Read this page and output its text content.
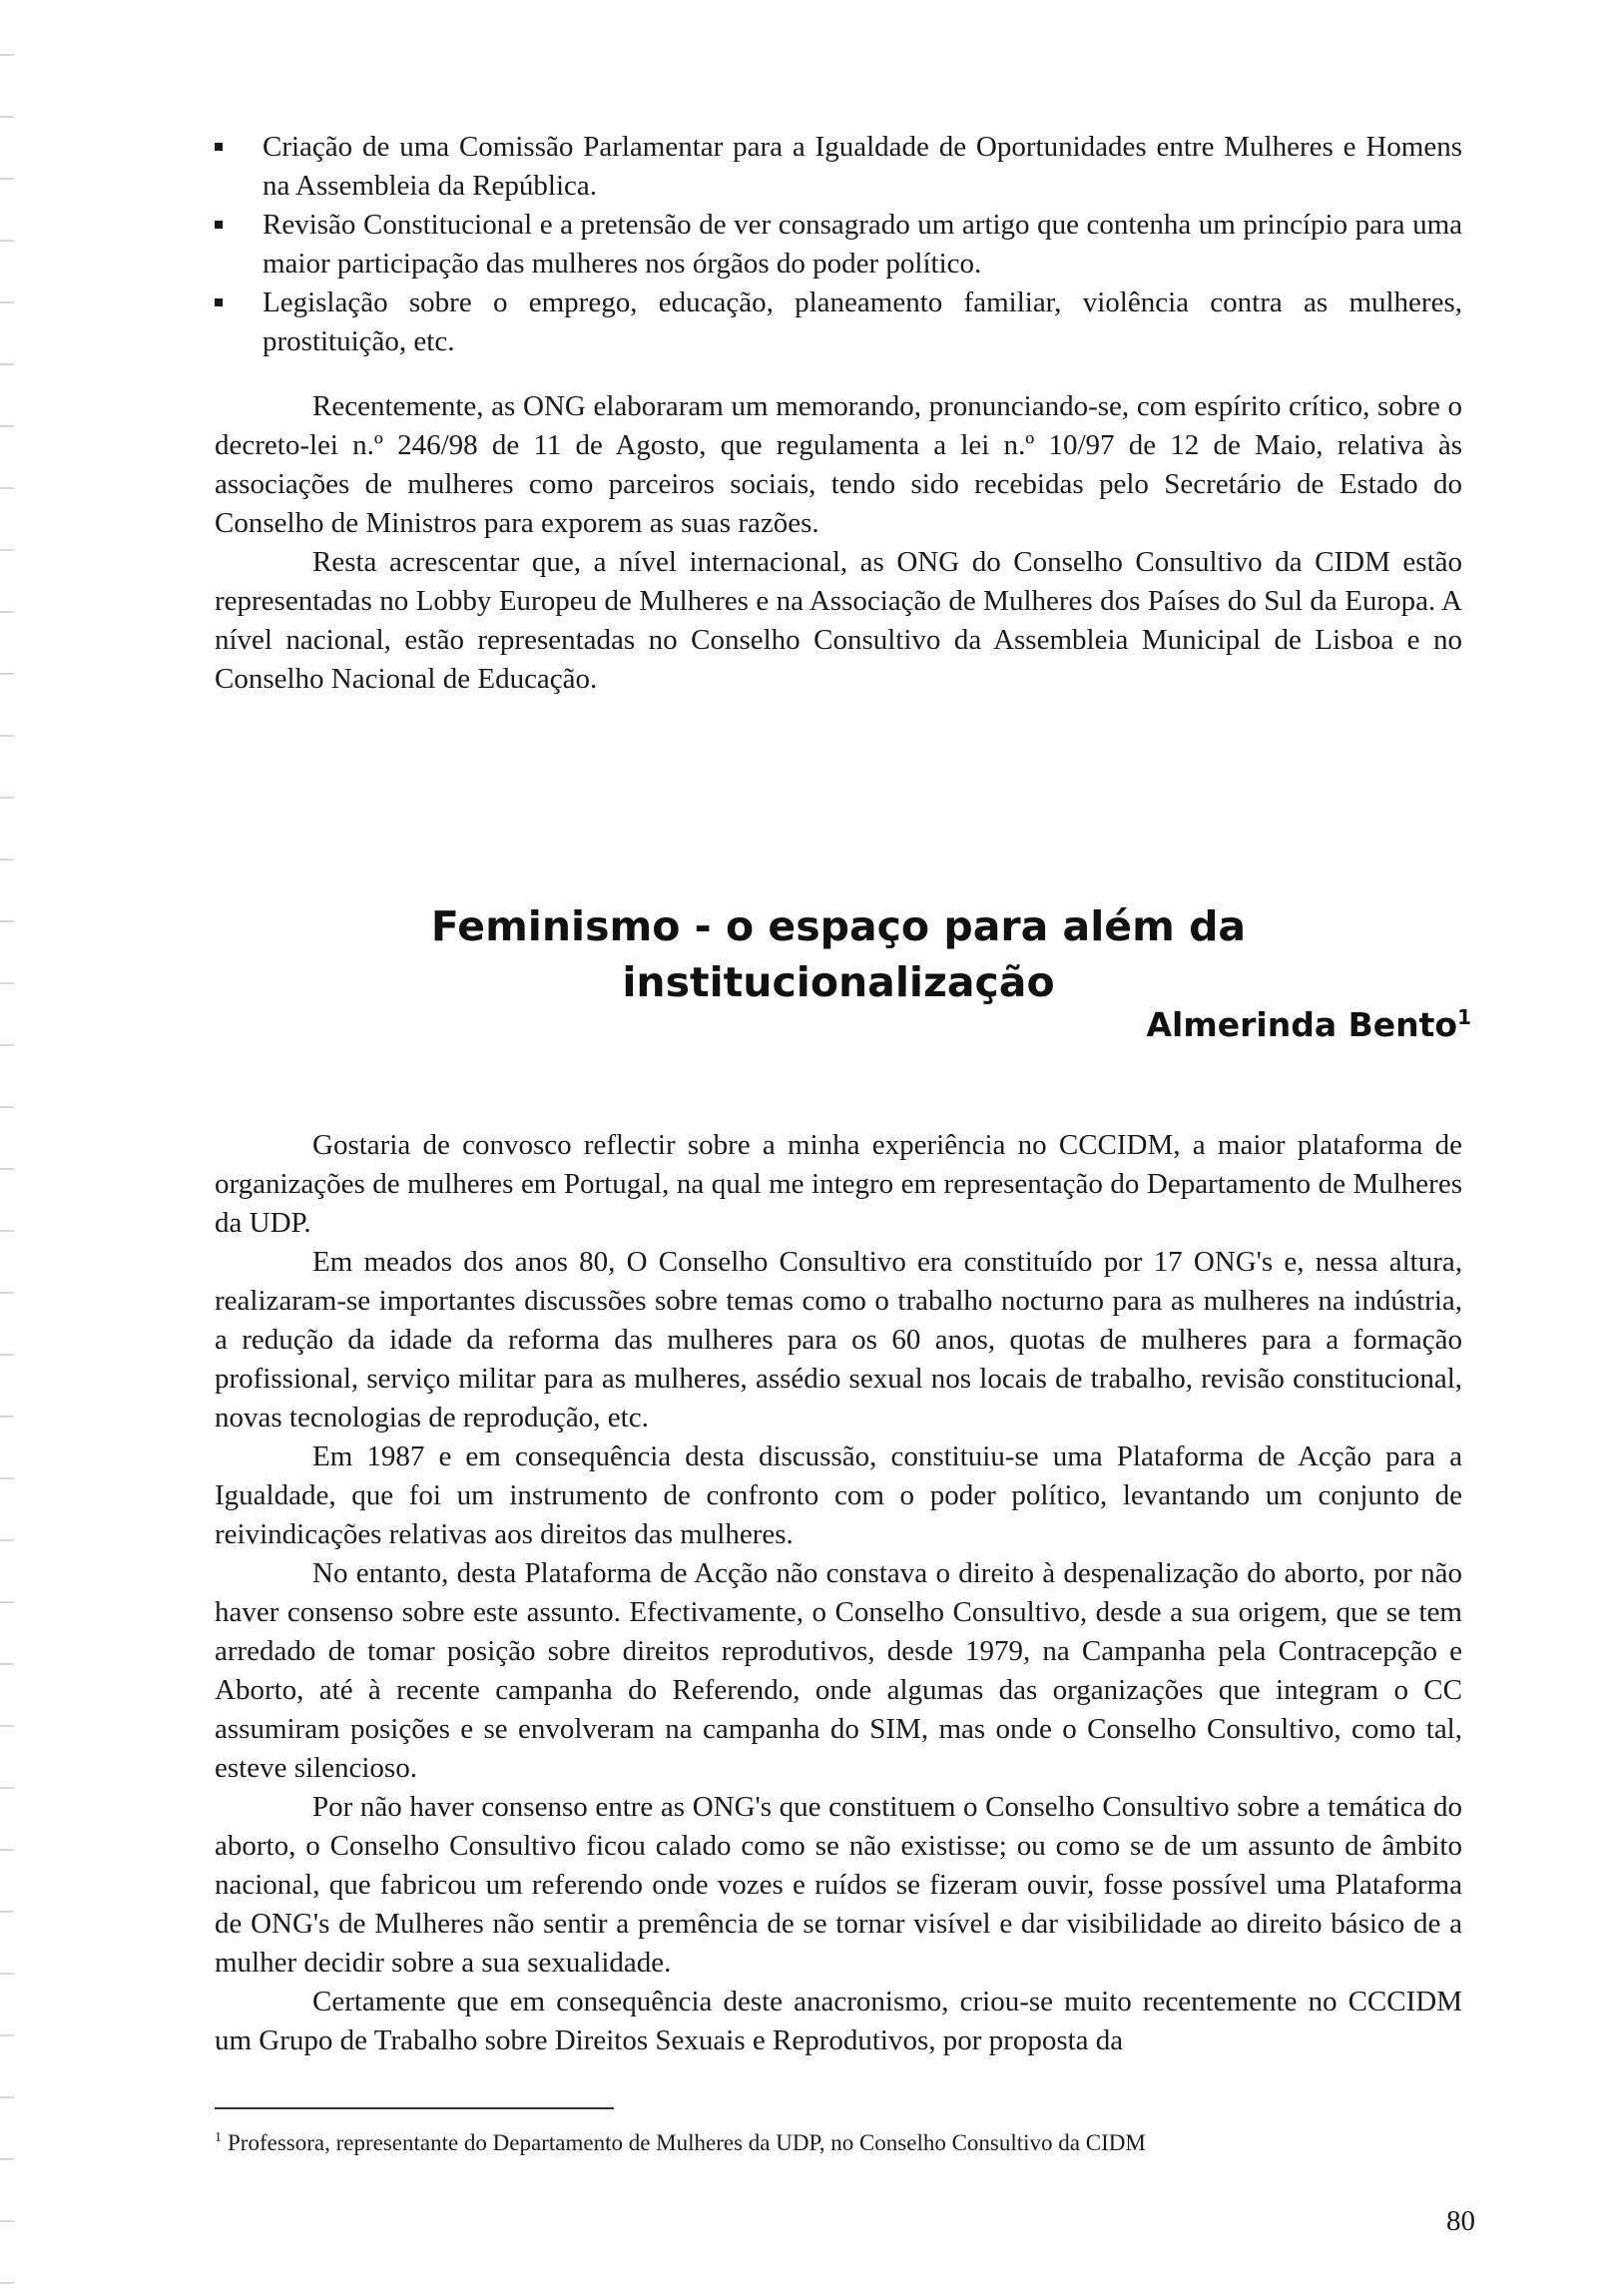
Criação de uma Comissão Parlamentar para a Igualdade de Oportunidades entre Mulheres e Homens na Assembleia da República.
Revisão Constitucional e a pretensão de ver consagrado um artigo que contenha um princípio para uma maior participação das mulheres nos órgãos do poder político.
Legislação sobre o emprego, educação, planeamento familiar, violência contra as mulheres, prostituição, etc.

Recentemente, as ONG elaboraram um memorando, pronunciando-se, com espírito crítico, sobre o decreto-lei n.º 246/98 de 11 de Agosto, que regulamenta a lei n.º 10/97 de 12 de Maio, relativa às associações de mulheres como parceiros sociais, tendo sido recebidas pelo Secretário de Estado do Conselho de Ministros para exporem as suas razões.

Resta acrescentar que, a nível internacional, as ONG do Conselho Consultivo da CIDM estão representadas no Lobby Europeu de Mulheres e na Associação de Mulheres dos Países do Sul da Europa. A nível nacional, estão representadas no Conselho Consultivo da Assembleia Municipal de Lisboa e no Conselho Nacional de Educação.

Feminismo - o espaço para além da institucionalização
Almerinda Bento$^1$

Gostaria de convosco reflectir sobre a minha experiência no CCCIDM, a maior plataforma de organizações de mulheres em Portugal, na qual me integro em representação do Departamento de Mulheres da UDP.

Em meados dos anos 80, O Conselho Consultivo era constituído por 17 ONG's e, nessa altura, realizaram-se importantes discussões sobre temas como o trabalho nocturno para as mulheres na indústria, a redução da idade da reforma das mulheres para os 60 anos, quotas de mulheres para a formação profissional, serviço militar para as mulheres, assédio sexual nos locais de trabalho, revisão constitucional, novas tecnologias de reprodução, etc.

Em 1987 e em consequência desta discussão, constituiu-se uma Plataforma de Acção para a Igualdade, que foi um instrumento de confronto com o poder político, levantando um conjunto de reivindicações relativas aos direitos das mulheres.

No entanto, desta Plataforma de Acção não constava o direito à despenalização do aborto, por não haver consenso sobre este assunto. Efectivamente, o Conselho Consultivo, desde a sua origem, que se tem arredado de tomar posição sobre direitos reprodutivos, desde 1979, na Campanha pela Contracepção e Aborto, até à recente campanha do Referendo, onde algumas das organizações que integram o CC assumiram posições e se envolveram na campanha do SIM, mas onde o Conselho Consultivo, como tal, esteve silencioso.

Por não haver consenso entre as ONG's que constituem o Conselho Consultivo sobre a temática do aborto, o Conselho Consultivo ficou calado como se não existisse; ou como se de um assunto de âmbito nacional, que fabricou um referendo onde vozes e ruídos se fizeram ouvir, fosse possível uma Plataforma de ONG's de Mulheres não sentir a premência de se tornar visível e dar visibilidade ao direito básico de a mulher decidir sobre a sua sexualidade.

Certamente que em consequência deste anacronismo, criou-se muito recentemente no CCCIDM um Grupo de Trabalho sobre Direitos Sexuais e Reprodutivos, por proposta da

$^1$ Professora, representante do Departamento de Mulheres da UDP, no Conselho Consultivo da CIDM
80
